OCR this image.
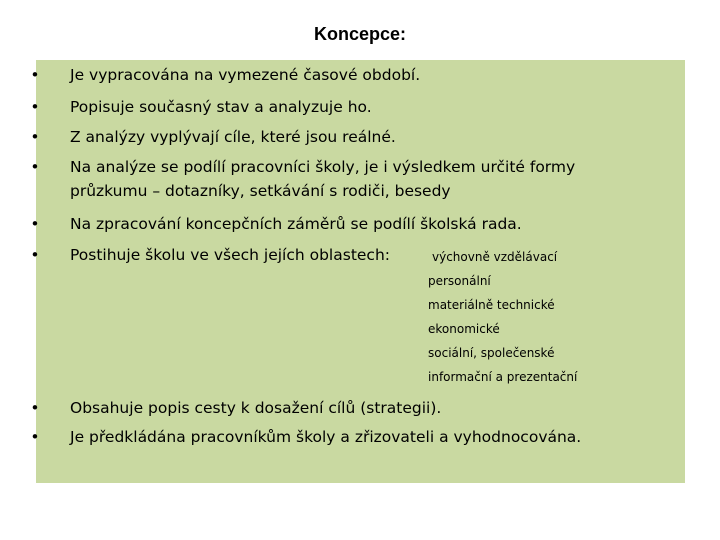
Koncepce:
• Je vypracována na vymezené časové období.
• Popisuje současný stav a analyzuje ho.
• Z analýzy vyplývají cíle, které jsou reálné.
• Na analýze se podílí pracovníci školy, je i výsledkem určité formy
průzkumu – dotazníky, setkávání s rodiči, besedy
• Na zpracování koncepčních záměrů se podílí školská rada.
• Postihuje školu ve všech jejích oblastech:	výchovně vzdělávací
personální
materiálně technické
ekonomické
sociální, společenské
informační a prezentační
• Obsahuje popis cesty k dosažení cílů (strategii).
• Je předkládána pracovníkům školy a zřizovateli a vyhodnocována.
